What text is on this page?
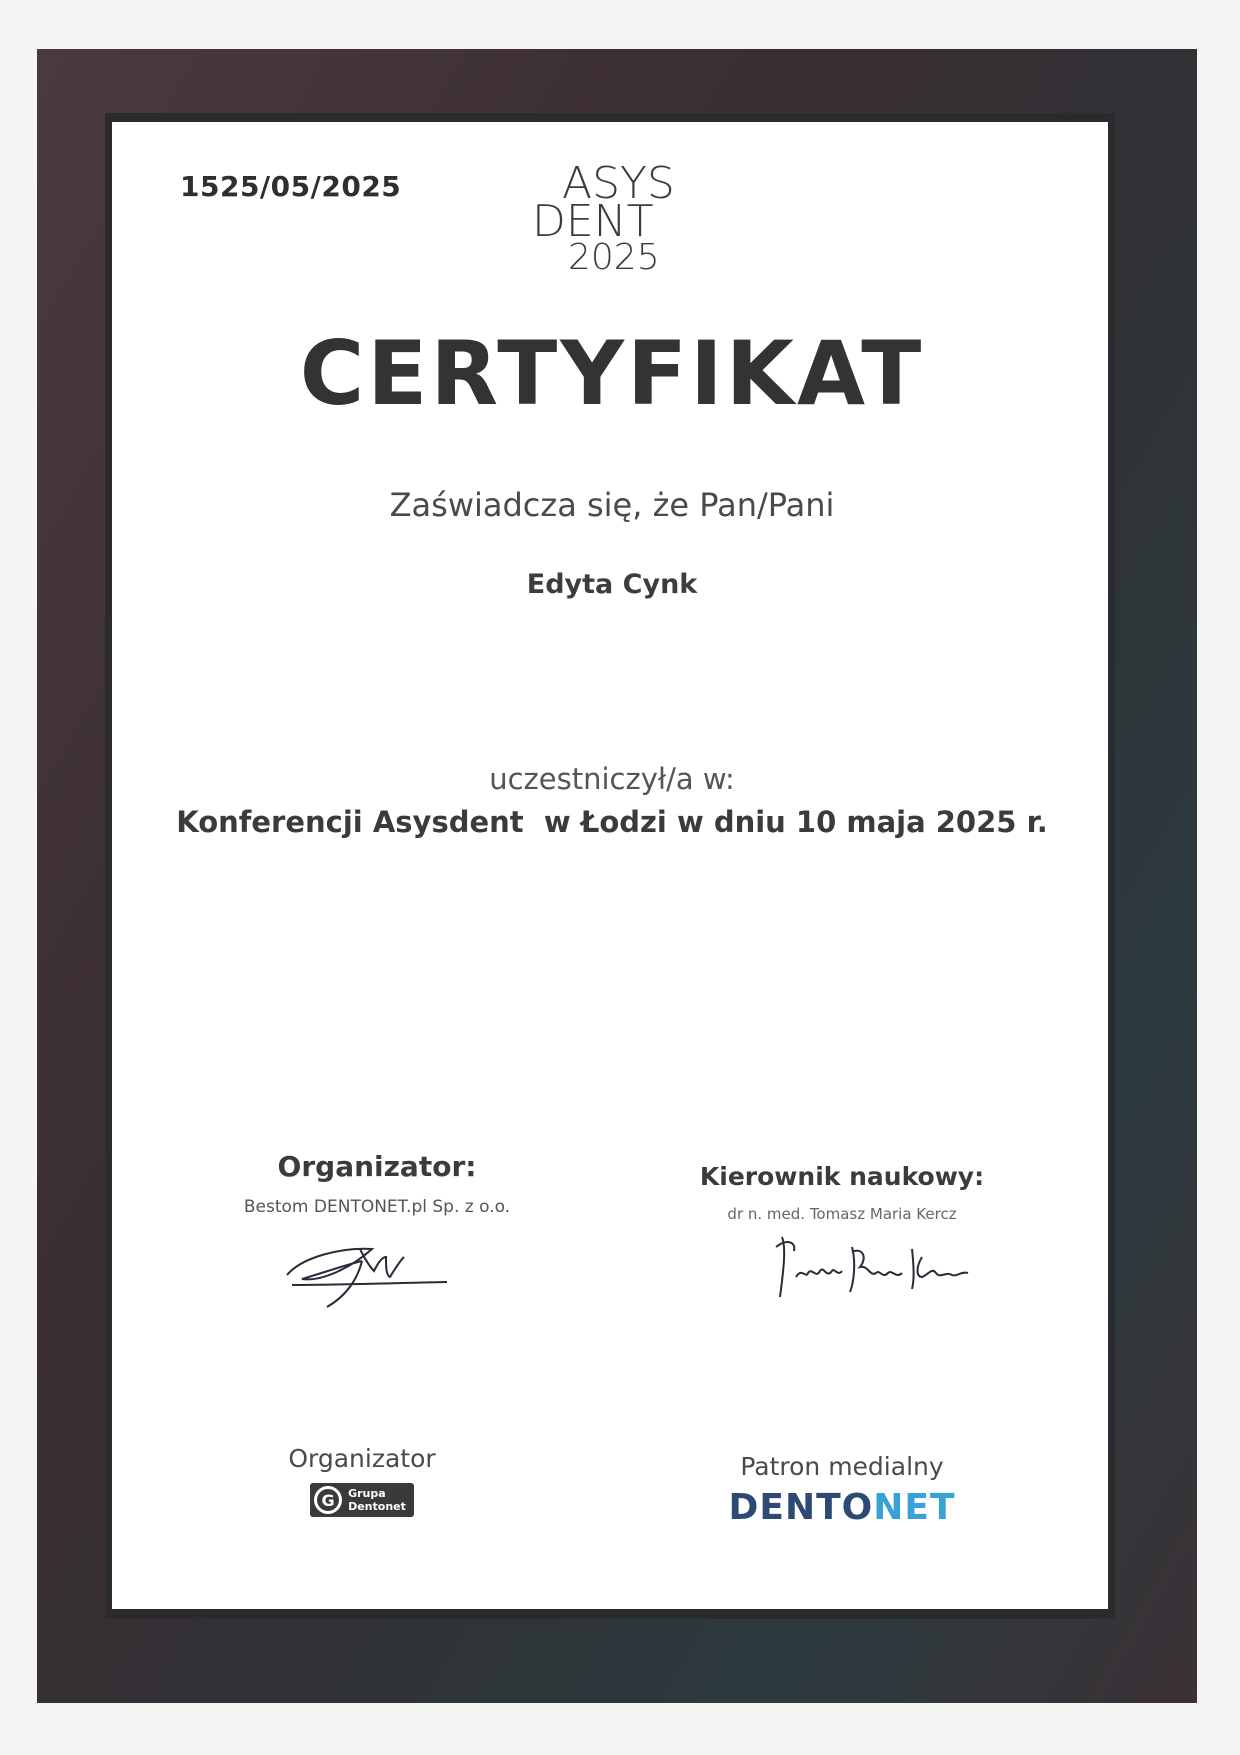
1525/05/2025	ASYS
DENT
2025
CERTYFIKAT
Zaświadcza się, że Pan/Pani
Edyta Cynk
uczestniczył/a w:
Konferencji Asysdent  w Łodzi w dniu 10 maja 2025 r.
Organizator:
Bestom DENTONET.pl Sp. z o.o.
Kierownik naukowy:
dr n. med. Tomasz Maria Kercz
Organizator
G	Grupa
Dentonet
Patron medialny
DENTONET
